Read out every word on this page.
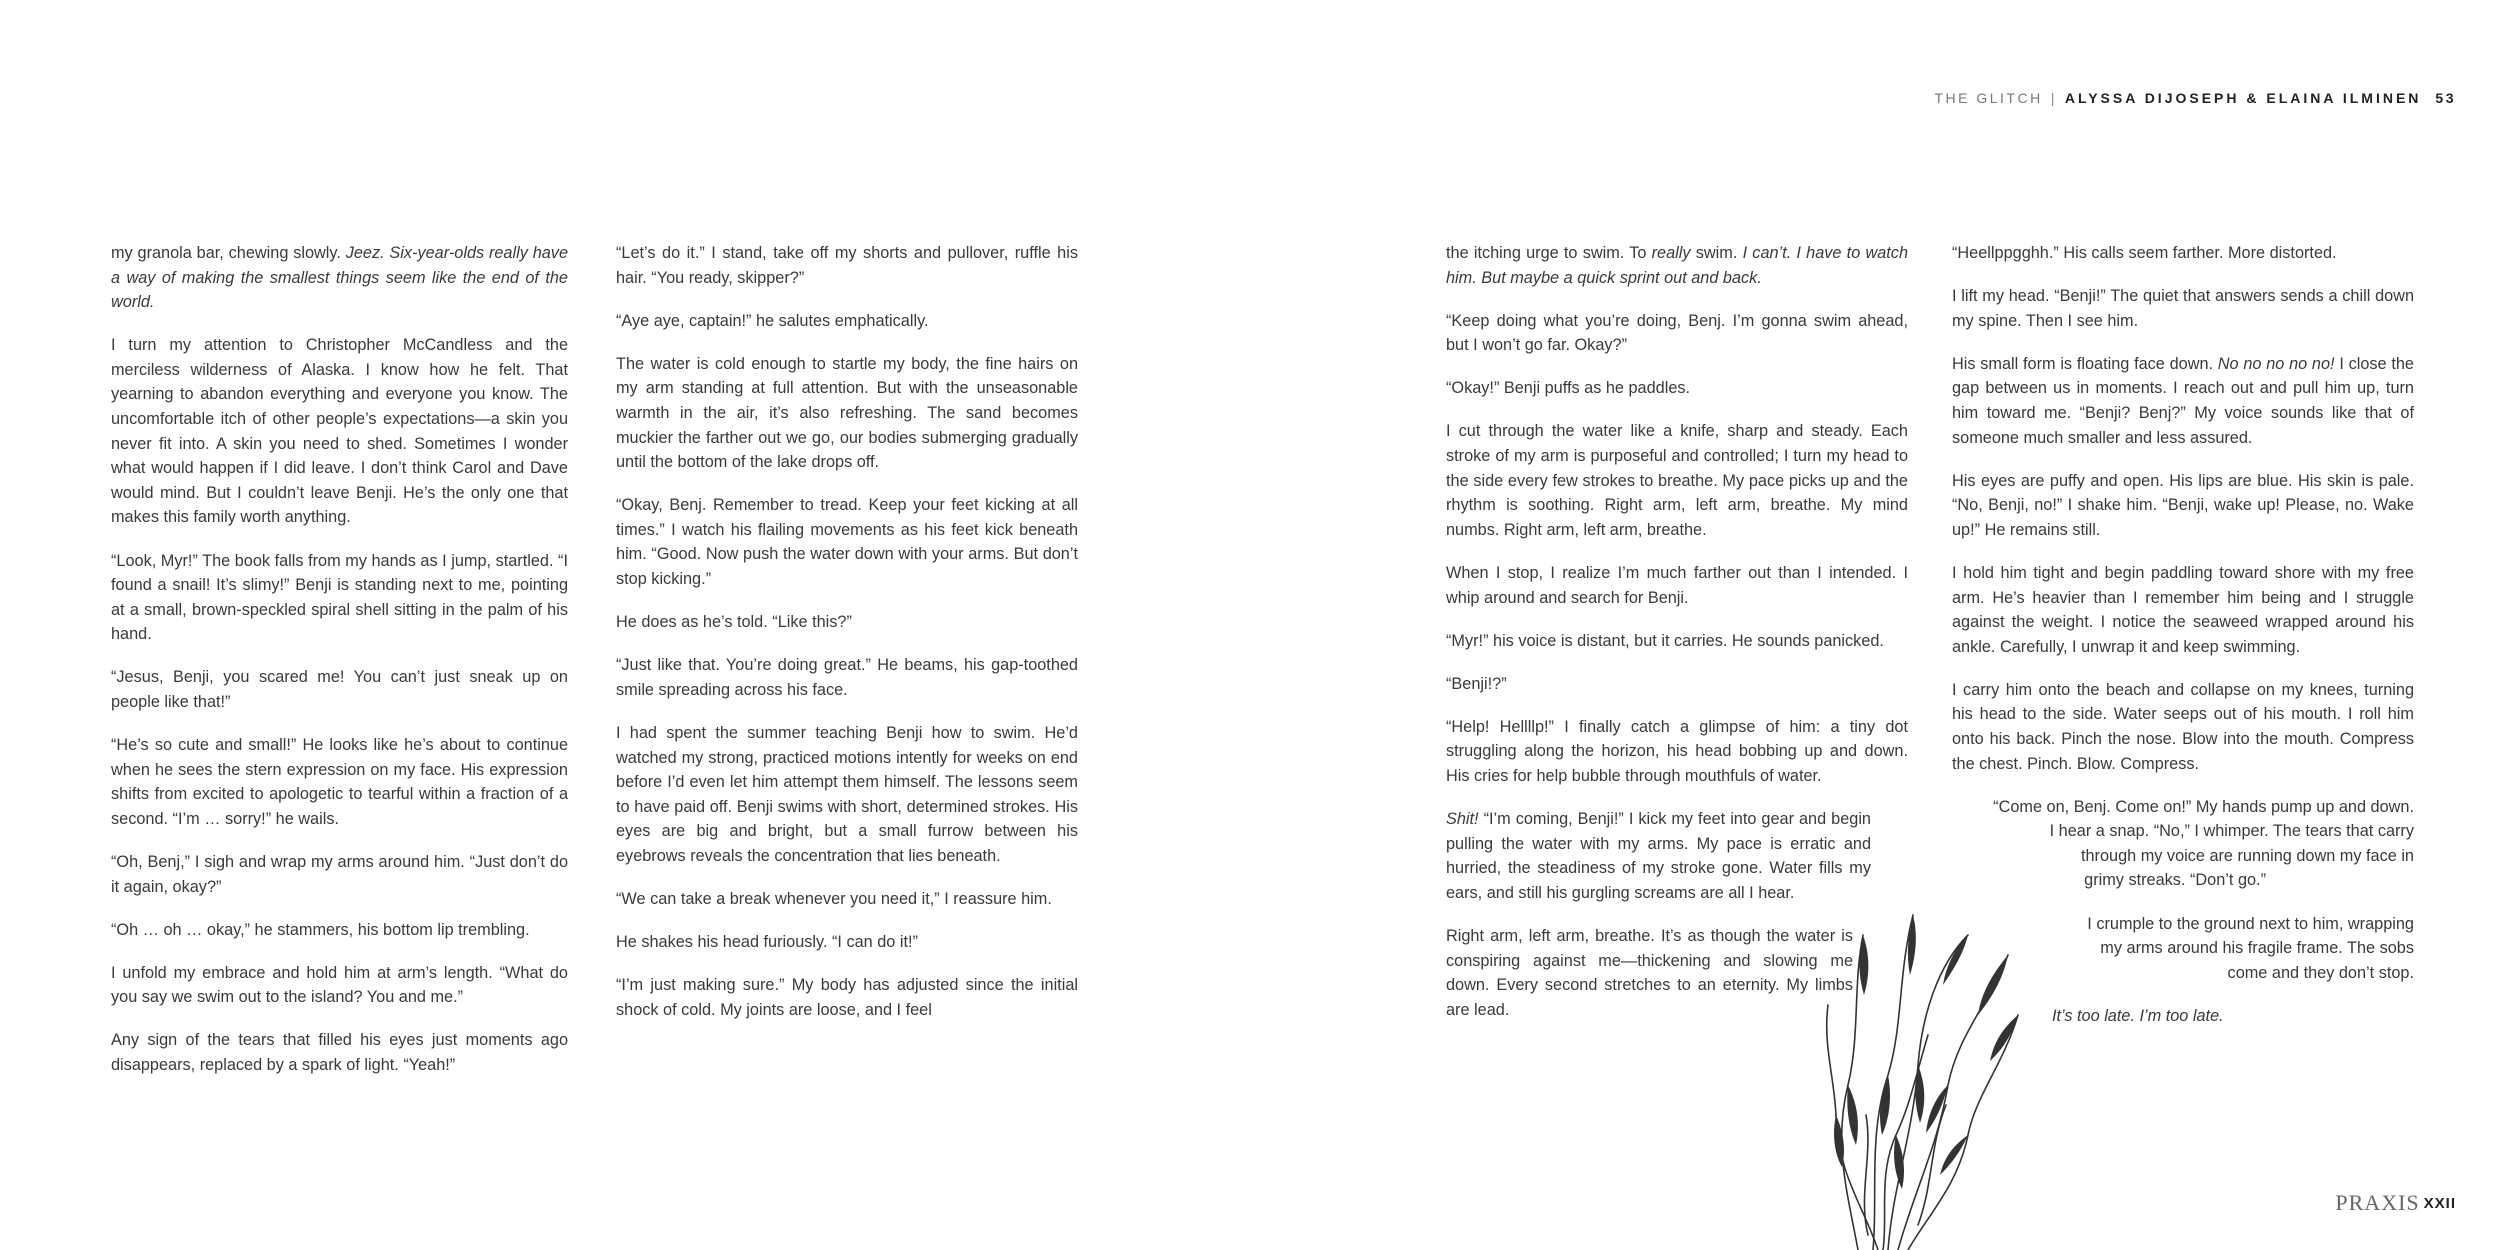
THE GLITCH | ALYSSA DIJOSEPH & ELAINA ILMINEN 53

my granola bar, chewing slowly. Jeez. Six-year-olds really have a way of making the smallest things seem like the end of the world.

I turn my attention to Christopher McCandless and the merciless wilderness of Alaska. I know how he felt. That yearning to abandon everything and everyone you know. The uncomfortable itch of other people’s expectations—a skin you never fit into. A skin you need to shed. Sometimes I wonder what would happen if I did leave. I don’t think Carol and Dave would mind. But I couldn’t leave Benji. He’s the only one that makes this family worth anything.

“Look, Myr!” The book falls from my hands as I jump, startled. “I found a snail! It’s slimy!” Benji is standing next to me, pointing at a small, brown-speckled spiral shell sitting in the palm of his hand.

“Jesus, Benji, you scared me! You can’t just sneak up on people like that!”

“He’s so cute and small!” He looks like he’s about to continue when he sees the stern expression on my face. His expression shifts from excited to apologetic to tearful within a fraction of a second. “I’m … sorry!” he wails.

“Oh, Benj,” I sigh and wrap my arms around him. “Just don’t do it again, okay?”

“Oh … oh … okay,” he stammers, his bottom lip trembling.

I unfold my embrace and hold him at arm’s length. “What do you say we swim out to the island? You and me.”

Any sign of the tears that filled his eyes just moments ago disappears, replaced by a spark of light. “Yeah!”

“Let’s do it.” I stand, take off my shorts and pullover, ruffle his hair. “You ready, skipper?”

“Aye aye, captain!” he salutes emphatically.

The water is cold enough to startle my body, the fine hairs on my arm standing at full attention. But with the unseasonable warmth in the air, it’s also refreshing. The sand becomes muckier the farther out we go, our bodies submerging gradually until the bottom of the lake drops off.

“Okay, Benj. Remember to tread. Keep your feet kicking at all times.” I watch his flailing movements as his feet kick beneath him. “Good. Now push the water down with your arms. But don’t stop kicking.”

He does as he’s told. “Like this?”

“Just like that. You’re doing great.” He beams, his gap-toothed smile spreading across his face.

I had spent the summer teaching Benji how to swim. He’d watched my strong, practiced motions intently for weeks on end before I’d even let him attempt them himself. The lessons seem to have paid off. Benji swims with short, determined strokes. His eyes are big and bright, but a small furrow between his eyebrows reveals the concentration that lies beneath.

“We can take a break whenever you need it,” I reassure him.

He shakes his head furiously. “I can do it!”

“I’m just making sure.” My body has adjusted since the initial shock of cold. My joints are loose, and I feel

the itching urge to swim. To really swim. I can’t. I have to watch him. But maybe a quick sprint out and back.

“Keep doing what you’re doing, Benj. I’m gonna swim ahead, but I won’t go far. Okay?”

“Okay!” Benji puffs as he paddles.

I cut through the water like a knife, sharp and steady. Each stroke of my arm is purposeful and controlled; I turn my head to the side every few strokes to breathe. My pace picks up and the rhythm is soothing. Right arm, left arm, breathe. My mind numbs. Right arm, left arm, breathe.

When I stop, I realize I’m much farther out than I intended. I whip around and search for Benji.

“Myr!” his voice is distant, but it carries. He sounds panicked.

“Benji!?”

“Help! Hellllp!” I finally catch a glimpse of him: a tiny dot struggling along the horizon, his head bobbing up and down. His cries for help bubble through mouthfuls of water.

Shit! “I’m coming, Benji!” I kick my feet into gear and begin pulling the water with my arms. My pace is erratic and hurried, the steadiness of my stroke gone. Water fills my ears, and still his gurgling screams are all I hear.

Right arm, left arm, breathe. It’s as though the water is conspiring against me—thickening and slowing me down. Every second stretches to an eternity. My limbs are lead.

“Heellppgghh.” His calls seem farther. More distorted.

I lift my head. “Benji!” The quiet that answers sends a chill down my spine. Then I see him.

His small form is floating face down. No no no no no! I close the gap between us in moments. I reach out and pull him up, turn him toward me. “Benji? Benj?” My voice sounds like that of someone much smaller and less assured.

His eyes are puffy and open. His lips are blue. His skin is pale. “No, Benji, no!” I shake him. “Benji, wake up! Please, no. Wake up!” He remains still.

I hold him tight and begin paddling toward shore with my free arm. He’s heavier than I remember him being and I struggle against the weight. I notice the seaweed wrapped around his ankle. Carefully, I unwrap it and keep swimming.

I carry him onto the beach and collapse on my knees, turning his head to the side. Water seeps out of his mouth. I roll him onto his back. Pinch the nose. Blow into the mouth. Compress the chest. Pinch. Blow. Compress.

“Come on, Benj. Come on!” My hands pump up and down.
I hear a snap. “No,” I whimper. The tears that carry
through my voice are running down my face in
grimy streaks. “Don’t go.”

I crumple to the ground next to him, wrapping my arms around his fragile frame. The sobs come and they don’t stop.

It’s too late. I’m too late.

PRAXIS XXII
